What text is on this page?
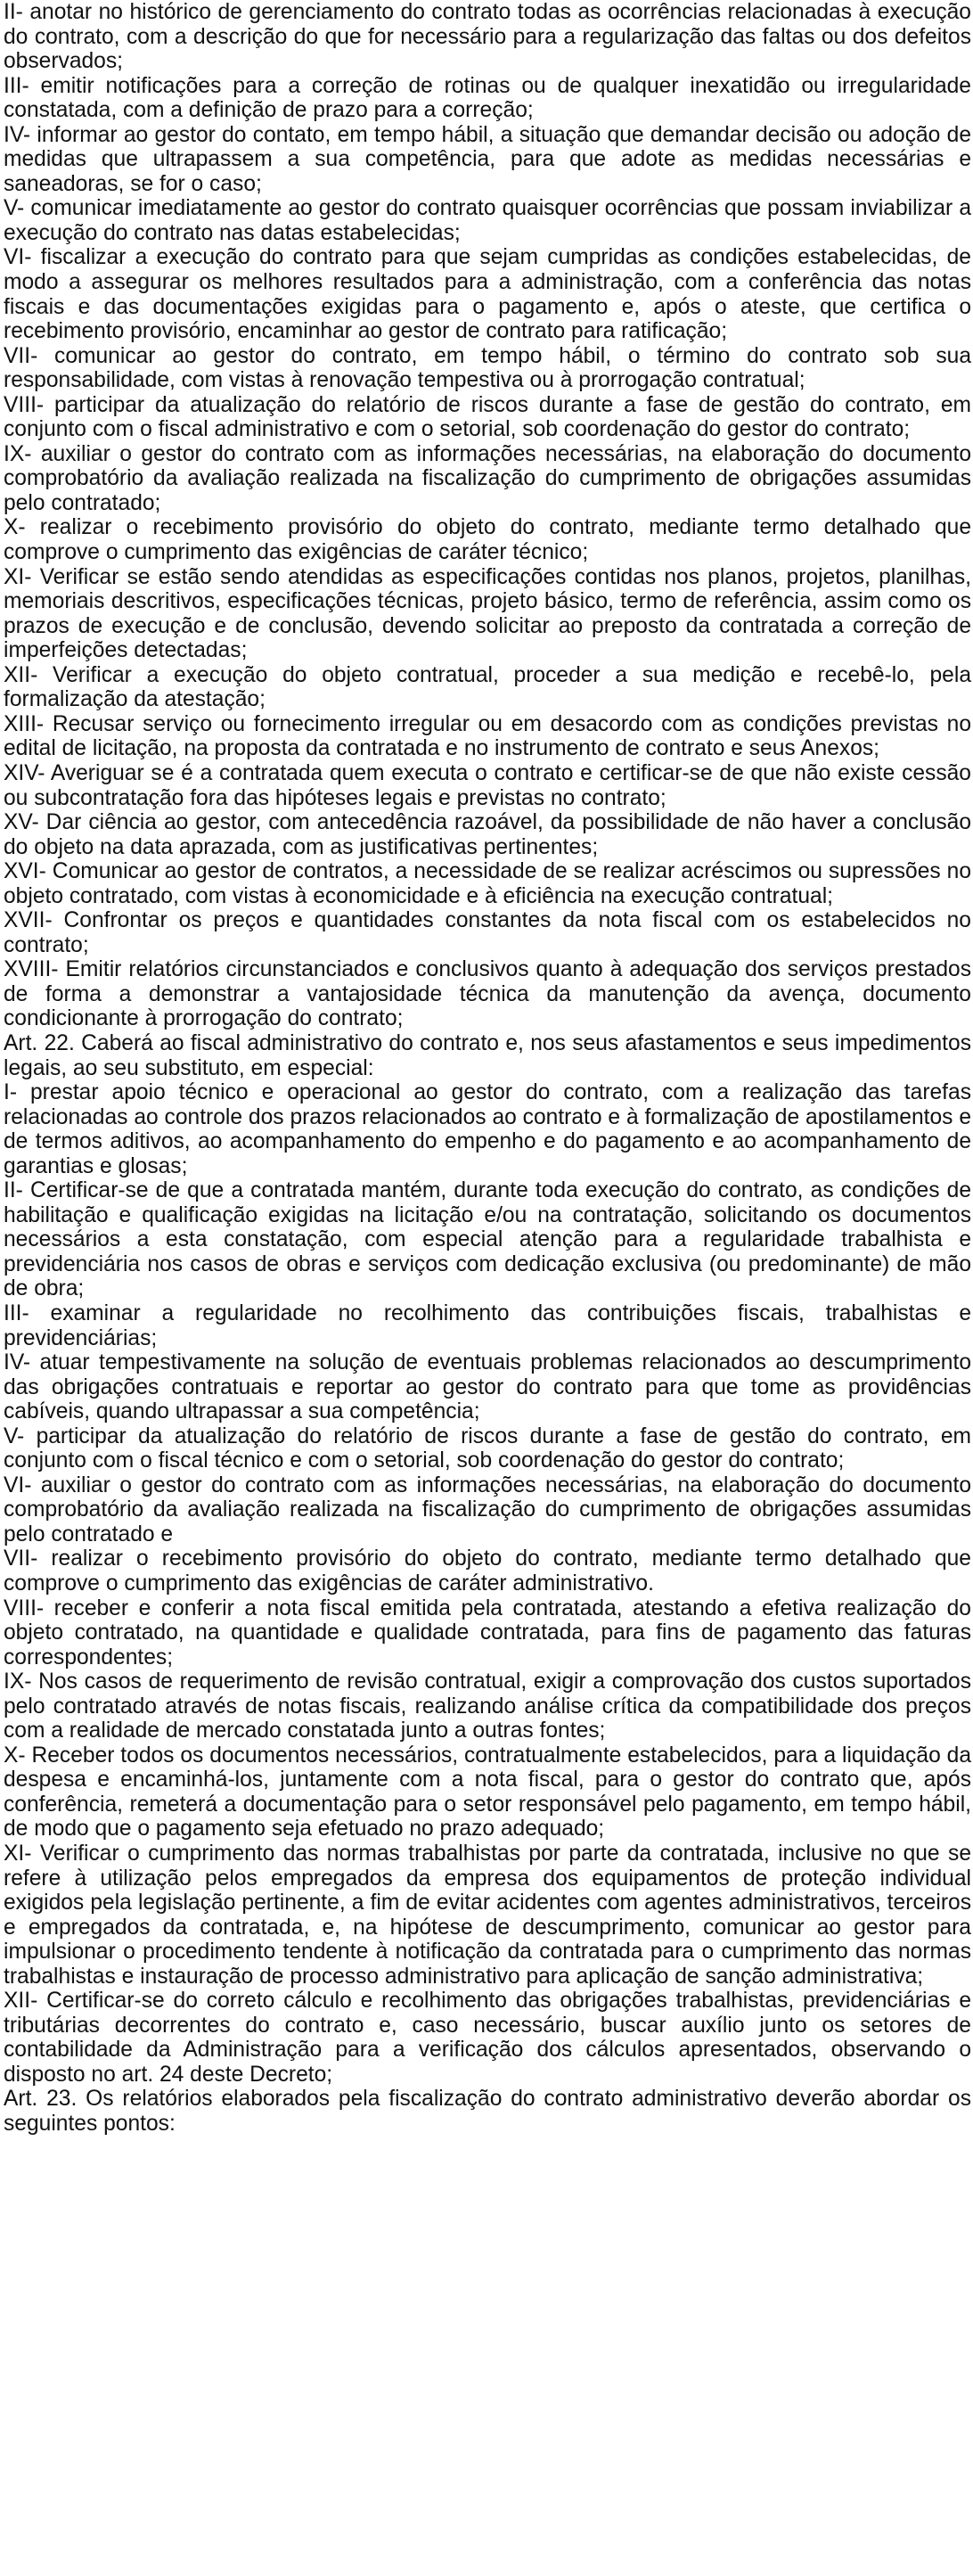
II- anotar no histórico de gerenciamento do contrato todas as ocorrências relacionadas à execução do contrato, com a descrição do que for necessário para a regularização das faltas ou dos defeitos observados;

III- emitir notificações para a correção de rotinas ou de qualquer inexatidão ou irregularidade constatada, com a definição de prazo para a correção;

IV- informar ao gestor do contato, em tempo hábil, a situação que demandar decisão ou adoção de medidas que ultrapassem a sua competência, para que adote as medidas necessárias e saneadoras, se for o caso;

V- comunicar imediatamente ao gestor do contrato quaisquer ocorrências que possam inviabilizar a execução do contrato nas datas estabelecidas;

VI- fiscalizar a execução do contrato para que sejam cumpridas as condições estabelecidas, de modo a assegurar os melhores resultados para a administração, com a conferência das notas fiscais e das documentações exigidas para o pagamento e, após o ateste, que certifica o recebimento provisório, encaminhar ao gestor de contrato para ratificação;

VII- comunicar ao gestor do contrato, em tempo hábil, o término do contrato sob sua responsabilidade, com vistas à renovação tempestiva ou à prorrogação contratual;

VIII- participar da atualização do relatório de riscos durante a fase de gestão do contrato, em conjunto com o fiscal administrativo e com o setorial, sob coordenação do gestor do contrato;

IX- auxiliar o gestor do contrato com as informações necessárias, na elaboração do documento comprobatório da avaliação realizada na fiscalização do cumprimento de obrigações assumidas pelo contratado;

X- realizar o recebimento provisório do objeto do contrato, mediante termo detalhado que comprove o cumprimento das exigências de caráter técnico;

XI- Verificar se estão sendo atendidas as especificações contidas nos planos, projetos, planilhas, memoriais descritivos, especificações técnicas, projeto básico, termo de referência, assim como os prazos de execução e de conclusão, devendo solicitar ao preposto da contratada a correção de imperfeições detectadas;

XII- Verificar a execução do objeto contratual, proceder a sua medição e recebê-lo, pela formalização da atestação;

XIII- Recusar serviço ou fornecimento irregular ou em desacordo com as condições previstas no edital de licitação, na proposta da contratada e no instrumento de contrato e seus Anexos;

XIV- Averiguar se é a contratada quem executa o contrato e certificar-se de que não existe cessão ou subcontratação fora das hipóteses legais e previstas no contrato;

XV- Dar ciência ao gestor, com antecedência razoável, da possibilidade de não haver a conclusão do objeto na data aprazada, com as justificativas pertinentes;

XVI- Comunicar ao gestor de contratos, a necessidade de se realizar acréscimos ou supressões no objeto contratado, com vistas à economicidade e à eficiência na execução contratual;

XVII- Confrontar os preços e quantidades constantes da nota fiscal com os estabelecidos no contrato;

XVIII- Emitir relatórios circunstanciados e conclusivos quanto à adequação dos serviços prestados de forma a demonstrar a vantajosidade técnica da manutenção da avença, documento condicionante à prorrogação do contrato;

Art. 22. Caberá ao fiscal administrativo do contrato e, nos seus afastamentos e seus impedimentos legais, ao seu substituto, em especial:

I- prestar apoio técnico e operacional ao gestor do contrato, com a realização das tarefas relacionadas ao controle dos prazos relacionados ao contrato e à formalização de apostilamentos e de termos aditivos, ao acompanhamento do empenho e do pagamento e ao acompanhamento de garantias e glosas;

II- Certificar-se de que a contratada mantém, durante toda execução do contrato, as condições de habilitação e qualificação exigidas na licitação e/ou na contratação, solicitando os documentos necessários a esta constatação, com especial atenção para a regularidade trabalhista e previdenciária nos casos de obras e serviços com dedicação exclusiva (ou predominante) de mão de obra;

III- examinar a regularidade no recolhimento das contribuições fiscais, trabalhistas e previdenciárias;

IV- atuar tempestivamente na solução de eventuais problemas relacionados ao descumprimento das obrigações contratuais e reportar ao gestor do contrato para que tome as providências cabíveis, quando ultrapassar a sua competência;

V- participar da atualização do relatório de riscos durante a fase de gestão do contrato, em conjunto com o fiscal técnico e com o setorial, sob coordenação do gestor do contrato;

VI- auxiliar o gestor do contrato com as informações necessárias, na elaboração do documento comprobatório da avaliação realizada na fiscalização do cumprimento de obrigações assumidas pelo contratado e

VII- realizar o recebimento provisório do objeto do contrato, mediante termo detalhado que comprove o cumprimento das exigências de caráter administrativo.

VIII- receber e conferir a nota fiscal emitida pela contratada, atestando a efetiva realização do objeto contratado, na quantidade e qualidade contratada, para fins de pagamento das faturas correspondentes;

IX- Nos casos de requerimento de revisão contratual, exigir a comprovação dos custos suportados pelo contratado através de notas fiscais, realizando análise crítica da compatibilidade dos preços com a realidade de mercado constatada junto a outras fontes;

X- Receber todos os documentos necessários, contratualmente estabelecidos, para a liquidação da despesa e encaminhá-los, juntamente com a nota fiscal, para o gestor do contrato que, após conferência, remeterá a documentação para o setor responsável pelo pagamento, em tempo hábil, de modo que o pagamento seja efetuado no prazo adequado;

XI- Verificar o cumprimento das normas trabalhistas por parte da contratada, inclusive no que se refere à utilização pelos empregados da empresa dos equipamentos de proteção individual exigidos pela legislação pertinente, a fim de evitar acidentes com agentes administrativos, terceiros e empregados da contratada, e, na hipótese de descumprimento, comunicar ao gestor para impulsionar o procedimento tendente à notificação da contratada para o cumprimento das normas trabalhistas e instauração de processo administrativo para aplicação de sanção administrativa;

XII- Certificar-se do correto cálculo e recolhimento das obrigações trabalhistas, previdenciárias e tributárias decorrentes do contrato e, caso necessário, buscar auxílio junto os setores de contabilidade da Administração para a verificação dos cálculos apresentados, observando o disposto no art. 24 deste Decreto;

Art. 23. Os relatórios elaborados pela fiscalização do contrato administrativo deverão abordar os seguintes pontos:
